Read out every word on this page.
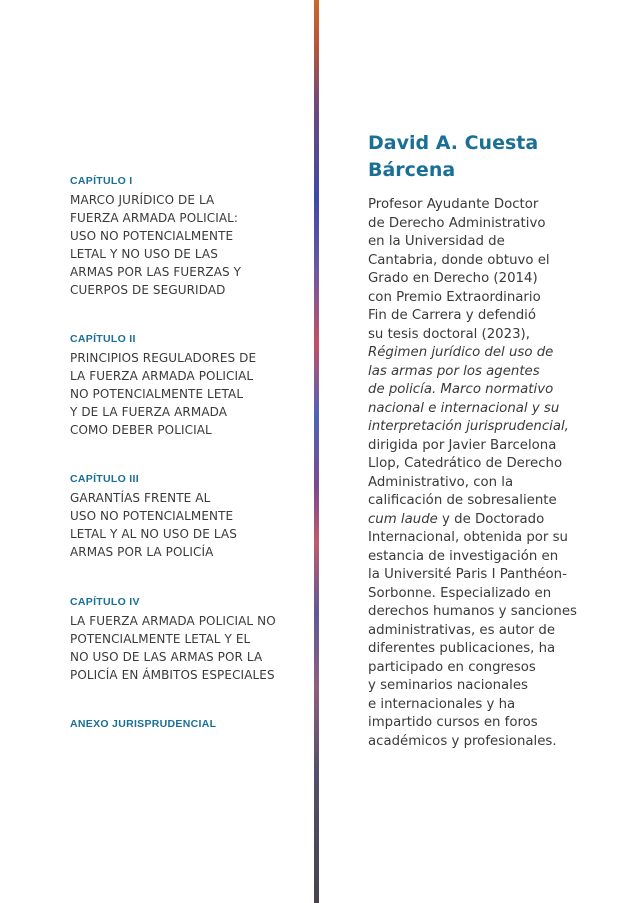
CAPÍTULO I

MARCO JURÍDICO DE LA
FUERZA ARMADA POLICIAL:
USO NO POTENCIALMENTE
LETAL Y NO USO DE LAS
ARMAS POR LAS FUERZAS Y
CUERPOS DE SEGURIDAD

CAPÍTULO II

PRINCIPIOS REGULADORES DE
LA FUERZA ARMADA POLICIAL
NO POTENCIALMENTE LETAL
Y DE LA FUERZA ARMADA
COMO DEBER POLICIAL

CAPÍTULO III

GARANTÍAS FRENTE AL
USO NO POTENCIALMENTE
LETAL Y AL NO USO DE LAS
ARMAS POR LA POLICÍA

CAPÍTULO IV

LA FUERZA ARMADA POLICIAL NO
POTENCIALMENTE LETAL Y EL
NO USO DE LAS ARMAS POR LA
POLICÍA EN ÁMBITOS ESPECIALES

ANEXO JURISPRUDENCIAL

David A. Cuesta
Bárcena
Profesor Ayudante Doctor
de Derecho Administrativo
en la Universidad de
Cantabria, donde obtuvo el
Grado en Derecho (2014)
con Premio Extraordinario
Fin de Carrera y defendió
su tesis doctoral (2023),
Régimen jurídico del uso de
las armas por los agentes
de policía. Marco normativo
nacional e internacional y su
interpretación jurisprudencial,
dirigida por Javier Barcelona
Llop, Catedrático de Derecho
Administrativo, con la
calificación de sobresaliente
cum laude y de Doctorado
Internacional, obtenida por su
estancia de investigación en
la Université Paris I Panthéon-
Sorbonne. Especializado en
derechos humanos y sanciones
administrativas, es autor de
diferentes publicaciones, ha
participado en congresos
y seminarios nacionales
e internacionales y ha
impartido cursos en foros
académicos y profesionales.
